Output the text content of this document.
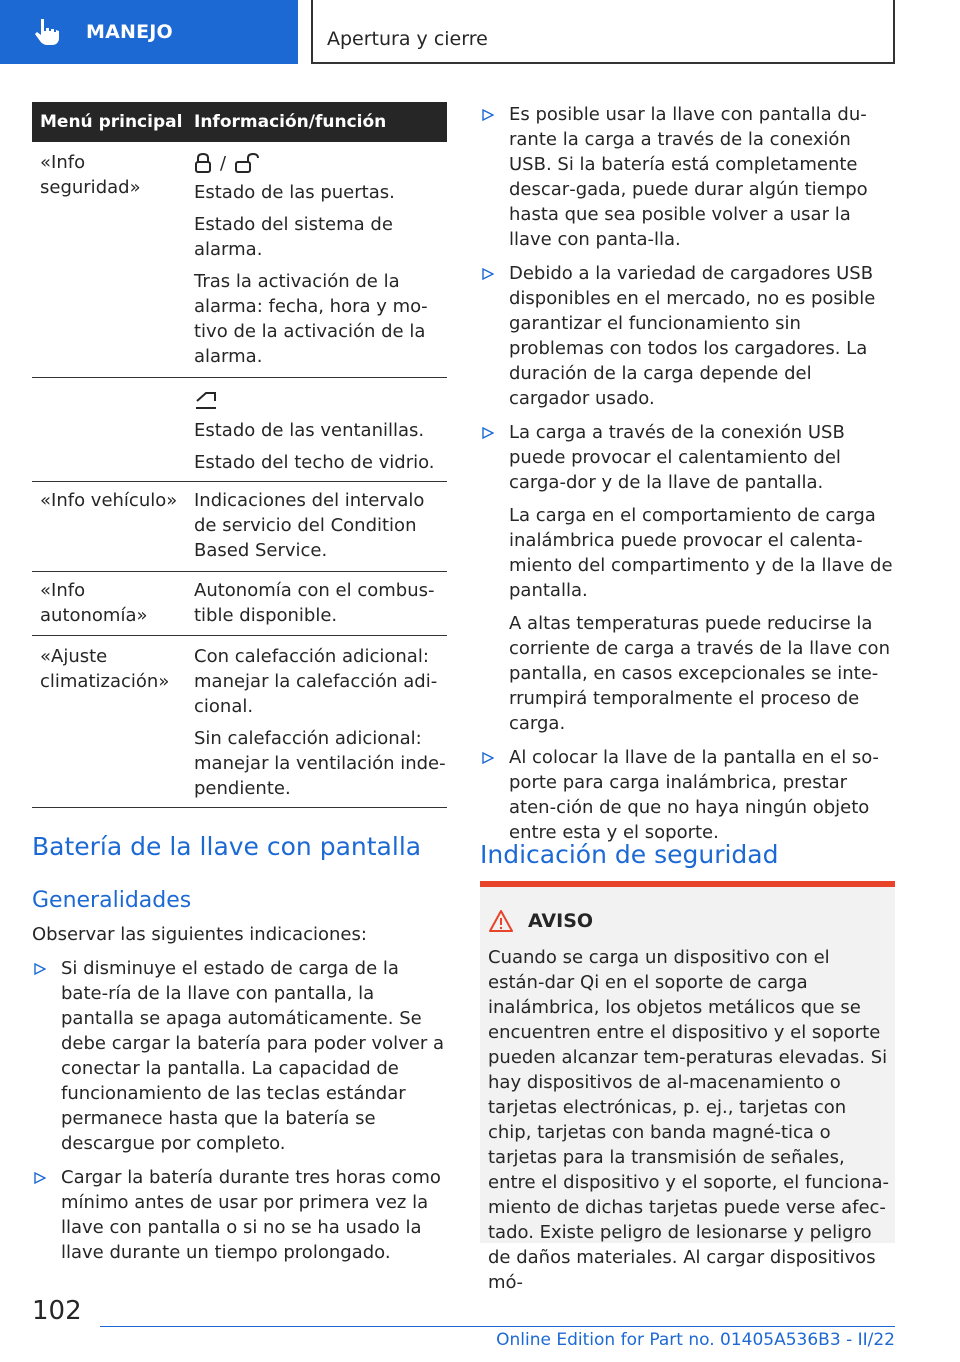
MANEJO	Apertura y cierre
Menú principal Información/función
«Info seguridad»
/

Estado de las puertas.

Estado del sistema de alarma.

Tras la activación de la alarma: fecha, hora y mo‐tivo de la activación de la alarma.

Estado de las ventanillas.

Estado del techo de vidrio.

«Info vehículo» Indicaciones del intervalo de servicio del Condition Based Service.

«Info autonomía»

Autonomía con el combus‐tible disponible.

«Ajuste climatización»

Con calefacción adicional: manejar la calefacción adi‐cional.

Sin calefacción adicional: manejar la ventilación inde‐pendiente.

Batería de la llave con pantalla
Generalidades
Observar las siguientes indicaciones:
Si disminuye el estado de carga de la bate‐ría de la llave con pantalla, la pantalla se apaga automáticamente. Se debe cargar la batería para poder volver a conectar la pantalla. La capacidad de funcionamiento de las teclas estándar permanece hasta que la batería se descargue por completo.
Cargar la batería durante tres horas como mínimo antes de usar por primera vez la llave con pantalla o si no se ha usado la llave durante un tiempo prolongado.
Es posible usar la llave con pantalla du‐rante la carga a través de la conexión USB. Si la batería está completamente descar‐gada, puede durar algún tiempo hasta que sea posible volver a usar la llave con panta‐lla.
Debido a la variedad de cargadores USB disponibles en el mercado, no es posible garantizar el funcionamiento sin problemas con todos los cargadores. La duración de la carga depende del cargador usado.
La carga a través de la conexión USB puede provocar el calentamiento del carga‐dor y de la llave de pantalla.
La carga en el comportamiento de carga inalámbrica puede provocar el calenta‐miento del compartimento y de la llave de pantalla.
A altas temperaturas puede reducirse la corriente de carga a través de la llave con pantalla, en casos excepcionales se inte‐rrumpirá temporalmente el proceso de carga.
Al colocar la llave de la pantalla en el so‐porte para carga inalámbrica, prestar aten‐ción de que no haya ningún objeto entre esta y el soporte.
Indicación de seguridad
AVISO
Cuando se carga un dispositivo con el están‐dar Qi en el soporte de carga inalámbrica, los objetos metálicos que se encuentren entre el dispositivo y el soporte pueden alcanzar tem‐peraturas elevadas. Si hay dispositivos de al‐macenamiento o tarjetas electrónicas, p. ej., tarjetas con chip, tarjetas con banda magné‐tica o tarjetas para la transmisión de señales, entre el dispositivo y el soporte, el funciona‐miento de dichas tarjetas puede verse afec‐tado. Existe peligro de lesionarse y peligro de daños materiales. Al cargar dispositivos mó‐
102
Online Edition for Part no. 01405A536B3 - II/22
